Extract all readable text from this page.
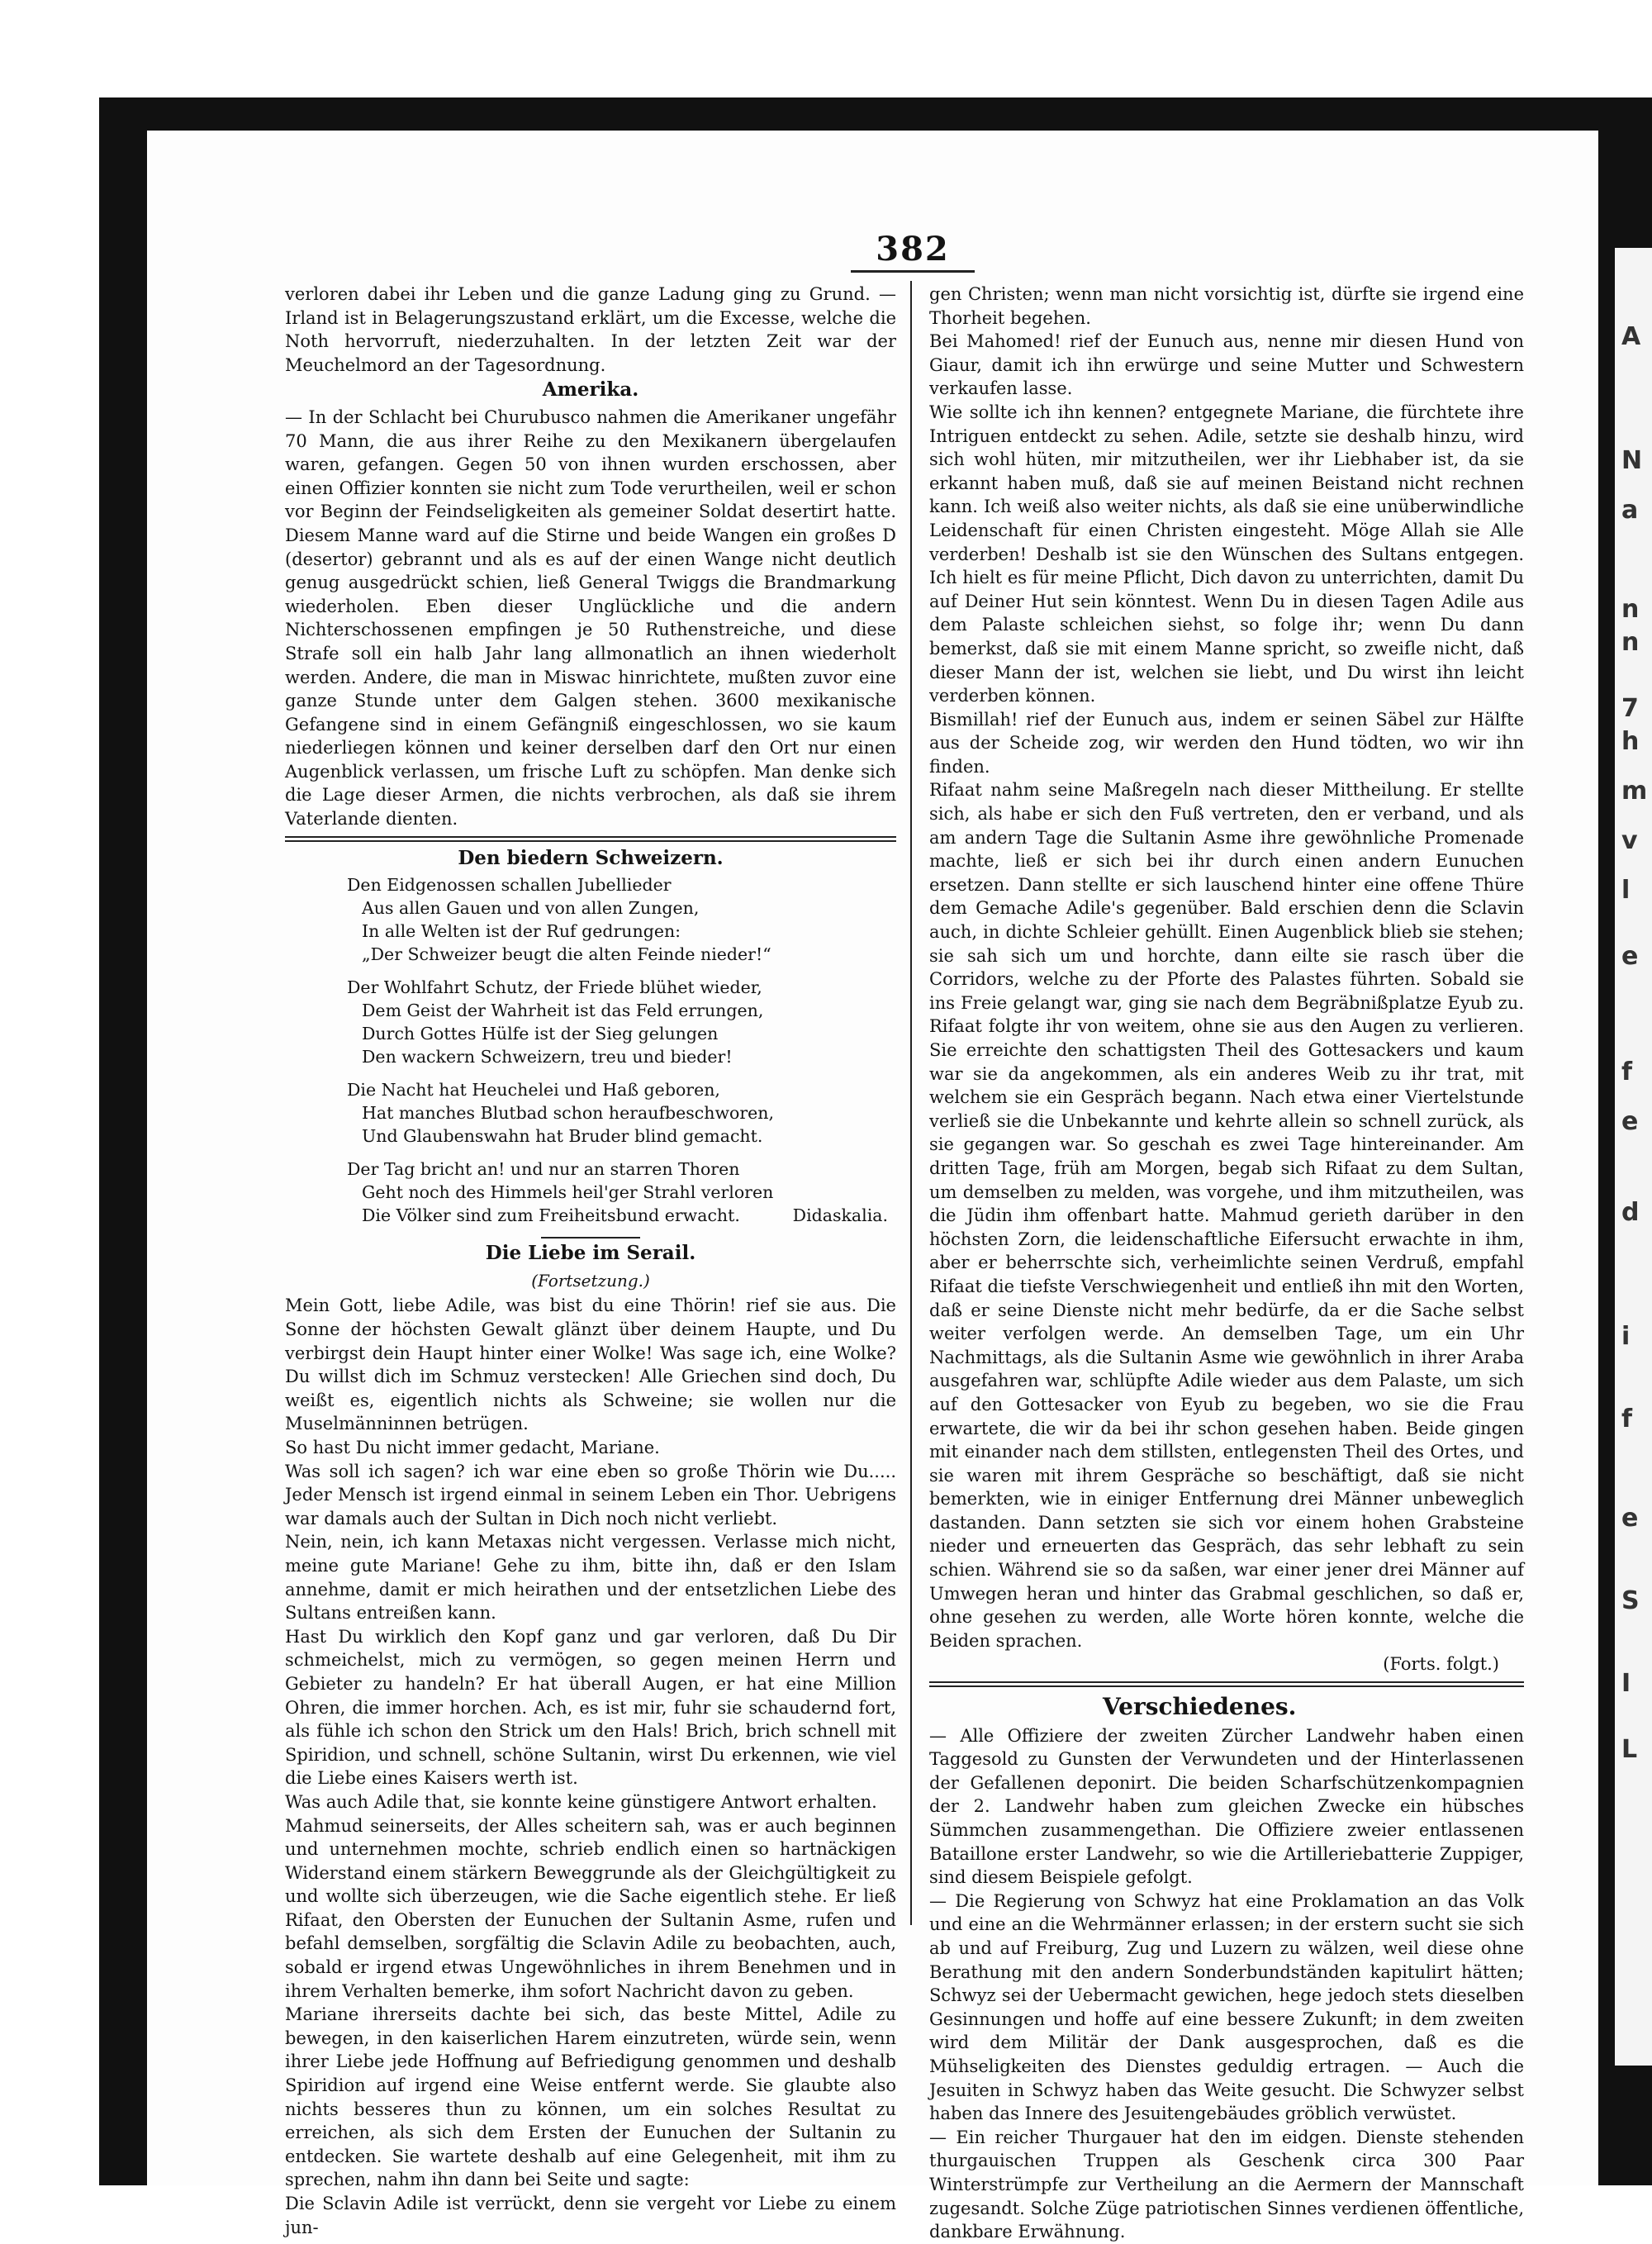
A
N
a
n
n
7
h
m
v
l
e
f
e
d
i
f
e
S
I
L
382

verloren dabei ihr Leben und die ganze Ladung ging zu Grund. — Irland ist in Belagerungszustand erklärt, um die Excesse, welche die Noth hervorruft, niederzuhalten. In der letzten Zeit war der Meuchelmord an der Tagesordnung.

Amerika.

— In der Schlacht bei Churubusco nahmen die Amerikaner ungefähr 70 Mann, die aus ihrer Reihe zu den Mexikanern übergelaufen waren, gefangen. Gegen 50 von ihnen wurden erschossen, aber einen Offizier konnten sie nicht zum Tode verurtheilen, weil er schon vor Beginn der Feindseligkeiten als gemeiner Soldat desertirt hatte. Diesem Manne ward auf die Stirne und beide Wangen ein großes D (desertor) gebrannt und als es auf der einen Wange nicht deutlich genug ausgedrückt schien, ließ General Twiggs die Brandmarkung wiederholen. Eben dieser Unglückliche und die andern Nichterschossenen empfingen je 50 Ruthenstreiche, und diese Strafe soll ein halb Jahr lang allmonatlich an ihnen wiederholt werden. Andere, die man in Miswac hinrichtete, mußten zuvor eine ganze Stunde unter dem Galgen stehen. 3600 mexikanische Gefangene sind in einem Gefängniß eingeschlossen, wo sie kaum niederliegen können und keiner derselben darf den Ort nur einen Augenblick verlassen, um frische Luft zu schöpfen. Man denke sich die Lage dieser Armen, die nichts verbrochen, als daß sie ihrem Vaterlande dienten.

Den biedern Schweizern.
Den Eidgenossen schallen Jubellieder
Aus allen Gauen und von allen Zungen,
In alle Welten ist der Ruf gedrungen:
„Der Schweizer beugt die alten Feinde nieder!“
Der Wohlfahrt Schutz, der Friede blühet wieder,
Dem Geist der Wahrheit ist das Feld errungen,
Durch Gottes Hülfe ist der Sieg gelungen
Den wackern Schweizern, treu und bieder!
Die Nacht hat Heuchelei und Haß geboren,
Hat manches Blutbad schon heraufbeschworen,
Und Glaubenswahn hat Bruder blind gemacht.
Der Tag bricht an! und nur an starren Thoren
Geht noch des Himmels heil'ger Strahl verloren
Die Völker sind zum Freiheitsbund erwacht.	Didaskalia.
Die Liebe im Serail.
(Fortsetzung.)

Mein Gott, liebe Adile, was bist du eine Thörin! rief sie aus. Die Sonne der höchsten Gewalt glänzt über deinem Haupte, und Du verbirgst dein Haupt hinter einer Wolke! Was sage ich, eine Wolke? Du willst dich im Schmuz verstecken! Alle Griechen sind doch, Du weißt es, eigentlich nichts als Schweine; sie wollen nur die Muselmänninnen betrügen.

So hast Du nicht immer gedacht, Mariane.

Was soll ich sagen? ich war eine eben so große Thörin wie Du..... Jeder Mensch ist irgend einmal in seinem Leben ein Thor. Uebrigens war damals auch der Sultan in Dich noch nicht verliebt.

Nein, nein, ich kann Metaxas nicht vergessen. Verlasse mich nicht, meine gute Mariane! Gehe zu ihm, bitte ihn, daß er den Islam annehme, damit er mich heirathen und der entsetzlichen Liebe des Sultans entreißen kann.

Hast Du wirklich den Kopf ganz und gar verloren, daß Du Dir schmeichelst, mich zu vermögen, so gegen meinen Herrn und Gebieter zu handeln? Er hat überall Augen, er hat eine Million Ohren, die immer horchen. Ach, es ist mir, fuhr sie schaudernd fort, als fühle ich schon den Strick um den Hals! Brich, brich schnell mit Spiridion, und schnell, schöne Sultanin, wirst Du erkennen, wie viel die Liebe eines Kaisers werth ist.

Was auch Adile that, sie konnte keine günstigere Antwort erhalten.

Mahmud seinerseits, der Alles scheitern sah, was er auch beginnen und unternehmen mochte, schrieb endlich einen so hartnäckigen Widerstand einem stärkern Beweggrunde als der Gleichgültigkeit zu und wollte sich überzeugen, wie die Sache eigentlich stehe. Er ließ Rifaat, den Obersten der Eunuchen der Sultanin Asme, rufen und befahl demselben, sorgfältig die Sclavin Adile zu beobachten, auch, sobald er irgend etwas Ungewöhnliches in ihrem Benehmen und in ihrem Verhalten bemerke, ihm sofort Nachricht davon zu geben.

Mariane ihrerseits dachte bei sich, das beste Mittel, Adile zu bewegen, in den kaiserlichen Harem einzutreten, würde sein, wenn ihrer Liebe jede Hoffnung auf Befriedigung genommen und deshalb Spiridion auf irgend eine Weise entfernt werde. Sie glaubte also nichts besseres thun zu können, um ein solches Resultat zu erreichen, als sich dem Ersten der Eunuchen der Sultanin zu entdecken. Sie wartete deshalb auf eine Gelegenheit, mit ihm zu sprechen, nahm ihn dann bei Seite und sagte:

Die Sclavin Adile ist verrückt, denn sie vergeht vor Liebe zu einem jun-

gen Christen; wenn man nicht vorsichtig ist, dürfte sie irgend eine Thorheit begehen.

Bei Mahomed! rief der Eunuch aus, nenne mir diesen Hund von Giaur, damit ich ihn erwürge und seine Mutter und Schwestern verkaufen lasse.

Wie sollte ich ihn kennen? entgegnete Mariane, die fürchtete ihre Intriguen entdeckt zu sehen. Adile, setzte sie deshalb hinzu, wird sich wohl hüten, mir mitzutheilen, wer ihr Liebhaber ist, da sie erkannt haben muß, daß sie auf meinen Beistand nicht rechnen kann. Ich weiß also weiter nichts, als daß sie eine unüberwindliche Leidenschaft für einen Christen eingesteht. Möge Allah sie Alle verderben! Deshalb ist sie den Wünschen des Sultans entgegen. Ich hielt es für meine Pflicht, Dich davon zu unterrichten, damit Du auf Deiner Hut sein könntest. Wenn Du in diesen Tagen Adile aus dem Palaste schleichen siehst, so folge ihr; wenn Du dann bemerkst, daß sie mit einem Manne spricht, so zweifle nicht, daß dieser Mann der ist, welchen sie liebt, und Du wirst ihn leicht verderben können.

Bismillah! rief der Eunuch aus, indem er seinen Säbel zur Hälfte aus der Scheide zog, wir werden den Hund tödten, wo wir ihn finden.

Rifaat nahm seine Maßregeln nach dieser Mittheilung. Er stellte sich, als habe er sich den Fuß vertreten, den er verband, und als am andern Tage die Sultanin Asme ihre gewöhnliche Promenade machte, ließ er sich bei ihr durch einen andern Eunuchen ersetzen. Dann stellte er sich lauschend hinter eine offene Thüre dem Gemache Adile's gegenüber. Bald erschien denn die Sclavin auch, in dichte Schleier gehüllt. Einen Augenblick blieb sie stehen; sie sah sich um und horchte, dann eilte sie rasch über die Corridors, welche zu der Pforte des Palastes führten. Sobald sie ins Freie gelangt war, ging sie nach dem Begräbnißplatze Eyub zu. Rifaat folgte ihr von weitem, ohne sie aus den Augen zu verlieren. Sie erreichte den schattigsten Theil des Gottesackers und kaum war sie da angekommen, als ein anderes Weib zu ihr trat, mit welchem sie ein Gespräch begann. Nach etwa einer Viertelstunde verließ sie die Unbekannte und kehrte allein so schnell zurück, als sie gegangen war. So geschah es zwei Tage hintereinander. Am dritten Tage, früh am Morgen, begab sich Rifaat zu dem Sultan, um demselben zu melden, was vorgehe, und ihm mitzutheilen, was die Jüdin ihm offenbart hatte. Mahmud gerieth darüber in den höchsten Zorn, die leidenschaftliche Eifersucht erwachte in ihm, aber er beherrschte sich, verheimlichte seinen Verdruß, empfahl Rifaat die tiefste Verschwiegenheit und entließ ihn mit den Worten, daß er seine Dienste nicht mehr bedürfe, da er die Sache selbst weiter verfolgen werde. An demselben Tage, um ein Uhr Nachmittags, als die Sultanin Asme wie gewöhnlich in ihrer Araba ausgefahren war, schlüpfte Adile wieder aus dem Palaste, um sich auf den Gottesacker von Eyub zu begeben, wo sie die Frau erwartete, die wir da bei ihr schon gesehen haben. Beide gingen mit einander nach dem stillsten, entlegensten Theil des Ortes, und sie waren mit ihrem Gespräche so beschäftigt, daß sie nicht bemerkten, wie in einiger Entfernung drei Männer unbeweglich dastanden. Dann setzten sie sich vor einem hohen Grabsteine nieder und erneuerten das Gespräch, das sehr lebhaft zu sein schien. Während sie so da saßen, war einer jener drei Männer auf Umwegen heran und hinter das Grabmal geschlichen, so daß er, ohne gesehen zu werden, alle Worte hören konnte, welche die Beiden sprachen.

(Forts. folgt.)
Verschiedenes.

— Alle Offiziere der zweiten Zürcher Landwehr haben einen Taggesold zu Gunsten der Verwundeten und der Hinterlassenen der Gefallenen deponirt. Die beiden Scharfschützenkompagnien der 2. Landwehr haben zum gleichen Zwecke ein hübsches Sümmchen zusammengethan. Die Offiziere zweier entlassenen Bataillone erster Landwehr, so wie die Artilleriebatterie Zuppiger, sind diesem Beispiele gefolgt.

— Die Regierung von Schwyz hat eine Proklamation an das Volk und eine an die Wehrmänner erlassen; in der erstern sucht sie sich ab und auf Freiburg, Zug und Luzern zu wälzen, weil diese ohne Berathung mit den andern Sonderbundständen kapitulirt hätten; Schwyz sei der Uebermacht gewichen, hege jedoch stets dieselben Gesinnungen und hoffe auf eine bessere Zukunft; in dem zweiten wird dem Militär der Dank ausgesprochen, daß es die Mühseligkeiten des Dienstes geduldig ertragen. — Auch die Jesuiten in Schwyz haben das Weite gesucht. Die Schwyzer selbst haben das Innere des Jesuitengebäudes gröblich verwüstet.

— Ein reicher Thurgauer hat den im eidgen. Dienste stehenden thurgauischen Truppen als Geschenk circa 300 Paar Winterstrümpfe zur Vertheilung an die Aermern der Mannschaft zugesandt. Solche Züge patriotischen Sinnes verdienen öffentliche, dankbare Erwähnung.
